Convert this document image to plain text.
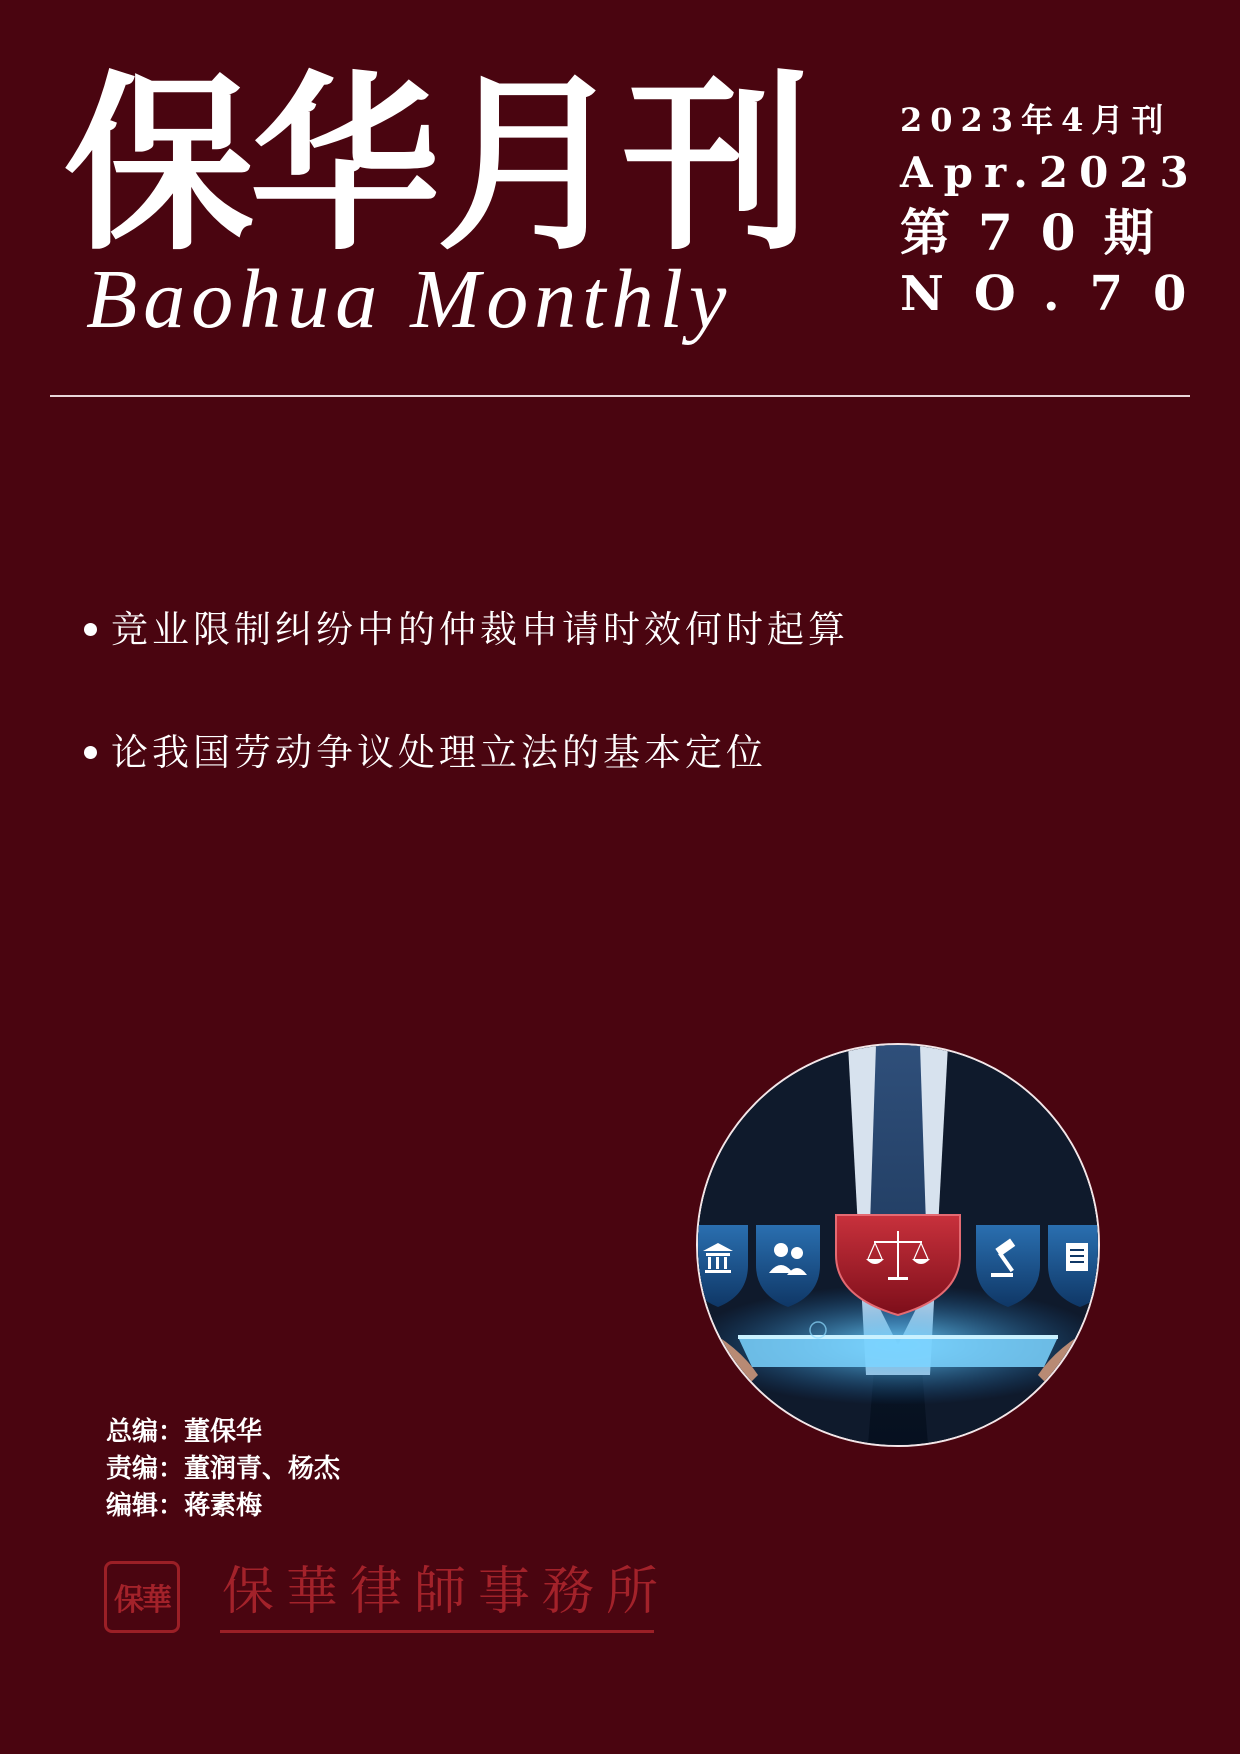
保华月刊
Baohua Monthly
2023年4月刊
Apr.2023
第70期
NO.70
竞业限制纠纷中的仲裁申请时效何时起算
论我国劳动争议处理立法的基本定位
总编：董保华
责编：董润青、杨杰
编辑：蒋素梅
保華 保華律師事務所
